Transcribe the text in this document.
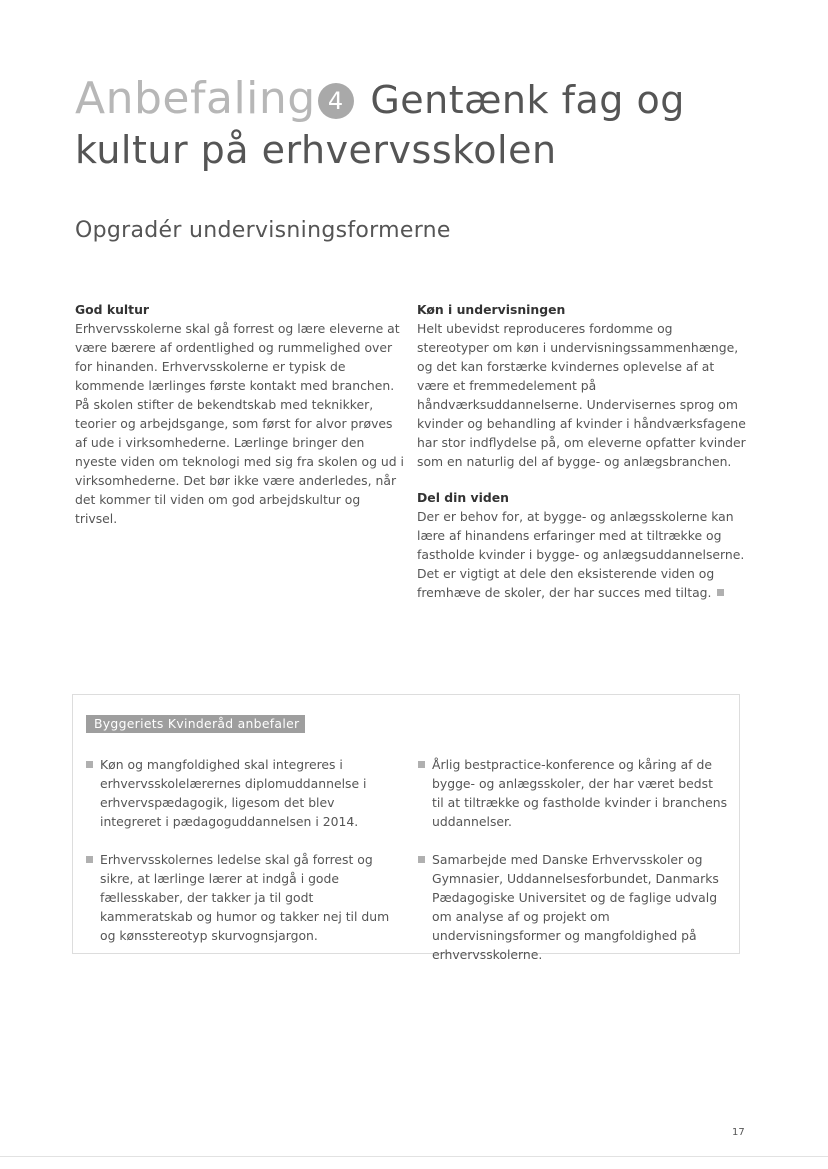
Anbefaling 4 Gentænk fag og
kultur på erhvervsskolen
Opgradér undervisningsformerne
God kultur

Erhvervsskolerne skal gå forrest og lære eleverne at være bærere af ordentlighed og rummelighed over for hinanden. Erhvervsskolerne er typisk de kommende lærlinges første kontakt med branchen. På skolen stifter de bekendtskab med teknikker, teorier og arbejdsgange, som først for alvor prøves af ude i virksomhederne. Lærlinge bringer den nyeste viden om teknologi med sig fra skolen og ud i virksomhederne. Det bør ikke være anderledes, når det kommer til viden om god arbejdskultur og trivsel.

Køn i undervisningen

Helt ubevidst reproduceres fordomme og stereotyper om køn i undervisningssammenhænge, og det kan forstærke kvindernes oplevelse af at være et fremmedelement på håndværksuddannelserne. Undervisernes sprog om kvinder og behandling af kvinder i håndværksfagene har stor indflydelse på, om eleverne opfatter kvinder som en naturlig del af bygge- og anlægsbranchen.

Del din viden

Der er behov for, at bygge- og anlægsskolerne kan lære af hinandens erfaringer med at tiltrække og fastholde kvinder i bygge- og anlægsuddannelserne. Det er vigtigt at dele den eksisterende viden og fremhæve de skoler, der har succes med tiltag.

Byggeriets Kvinderåd anbefaler
Køn og mangfoldighed skal integreres i erhvervsskolelærernes diplomuddannelse i erhvervspædagogik, ligesom det blev integreret i pædagoguddannelsen i 2014.
Erhvervsskolernes ledelse skal gå forrest og sikre, at lærlinge lærer at indgå i gode fællesskaber, der takker ja til godt kammeratskab og humor og takker nej til dum og kønsstereotyp skurvognsjargon.
Årlig bestpractice-konference og kåring af de bygge- og anlægsskoler, der har været bedst til at tiltrække og fastholde kvinder i branchens uddannelser.
Samarbejde med Danske Erhvervsskoler og Gymnasier, Uddannelsesforbundet, Danmarks Pædagogiske Universitet og de faglige udvalg om analyse af og projekt om undervisningsformer og mangfoldighed på erhvervsskolerne.
17
